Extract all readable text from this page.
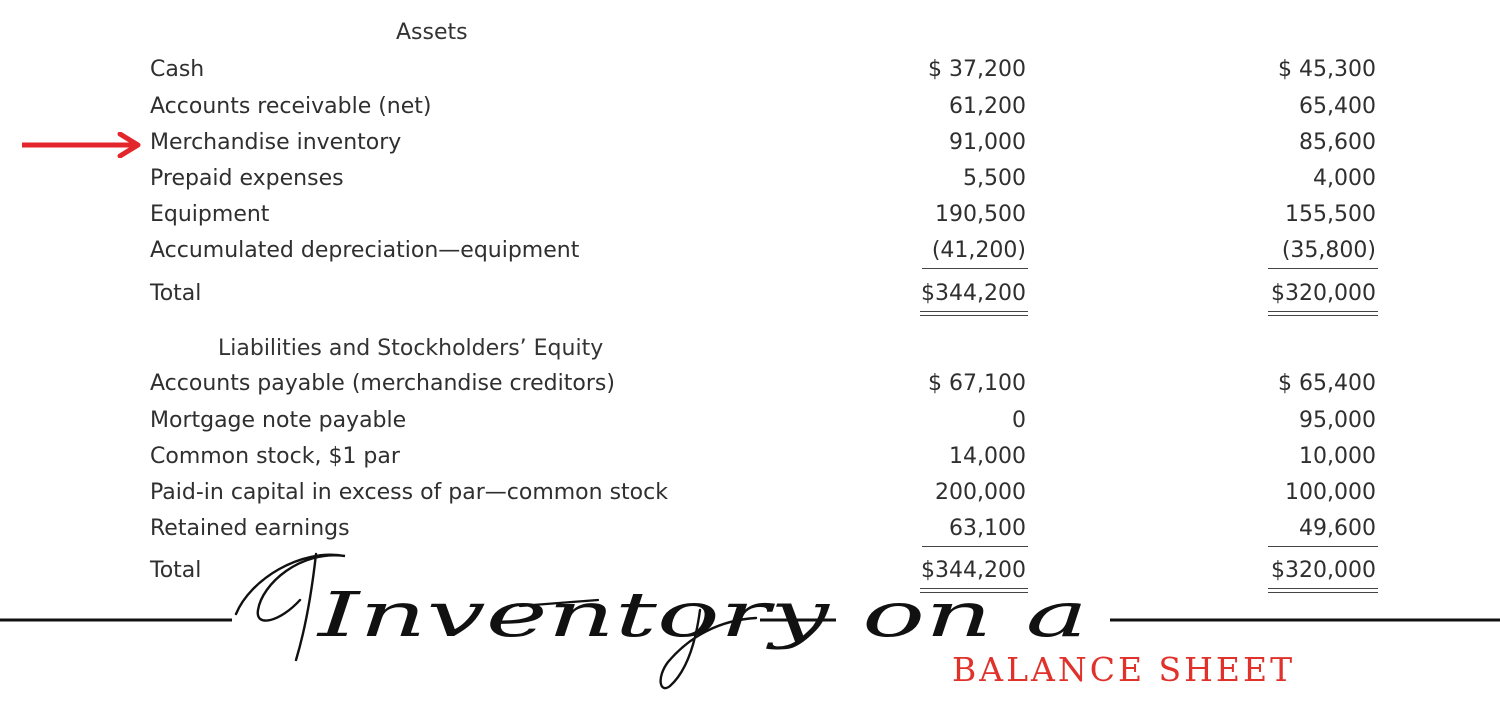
Assets
Cash	$ 37,200	$ 45,300
Accounts receivable (net)	61,200	65,400
Merchandise inventory	91,000	85,600
Prepaid expenses	5,500	4,000
Equipment	190,500	155,500
Accumulated depreciation—equipment	(41,200)	(35,800)
Total	$344,200	$320,000
Liabilities and Stockholders’ Equity
Accounts payable (merchandise creditors)	$ 67,100	$ 65,400
Mortgage note payable	0	95,000
Common stock, $1 par	14,000	10,000
Paid-in capital in excess of par—common stock	200,000	100,000
Retained earnings	63,100	49,600
Total	$344,200	$320,000
Inventory on a
BALANCE SHEET
